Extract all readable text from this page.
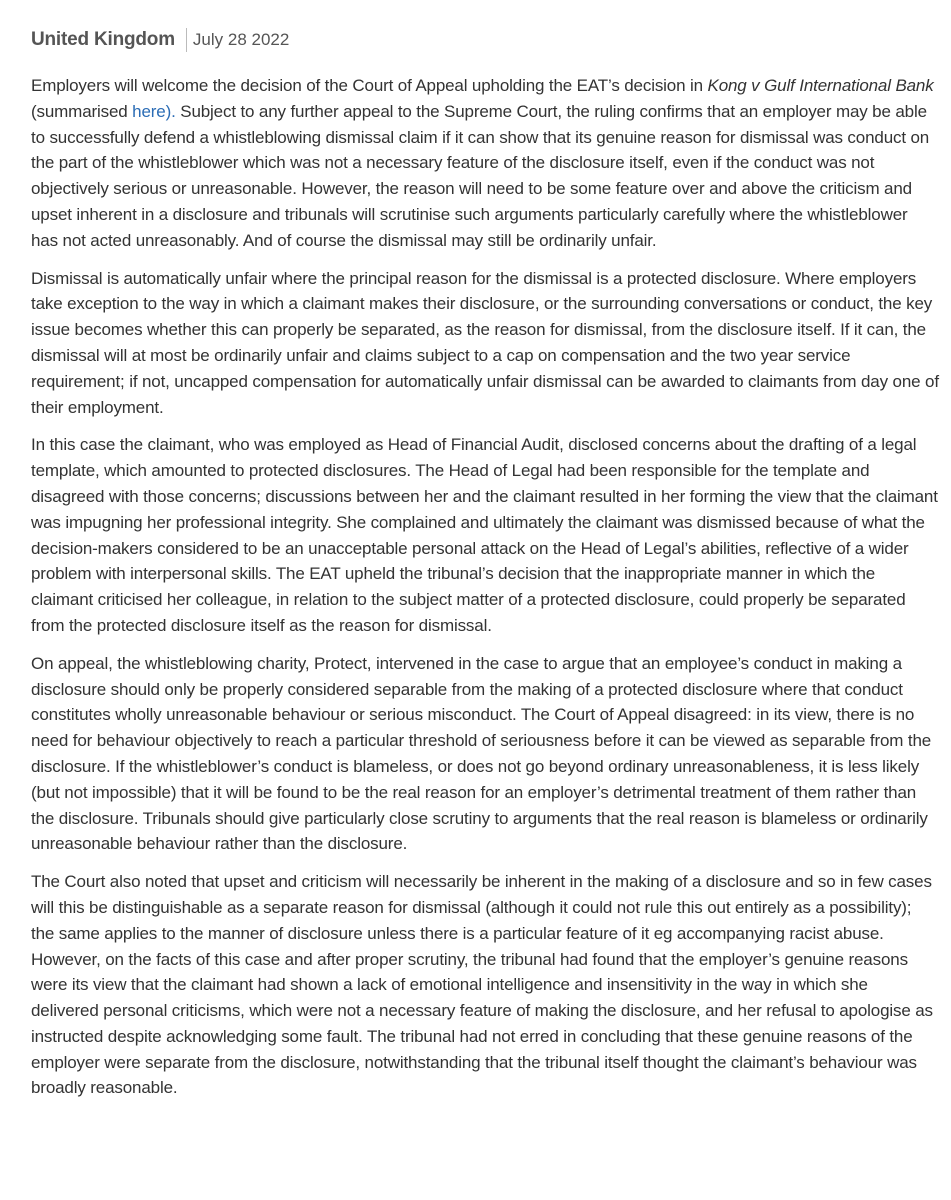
United Kingdom July 28 2022

Employers will welcome the decision of the Court of Appeal upholding the EAT’s decision in Kong v Gulf International Bank (summarised here). Subject to any further appeal to the Supreme Court, the ruling confirms that an employer may be able to successfully defend a whistleblowing dismissal claim if it can show that its genuine reason for dismissal was conduct on the part of the whistleblower which was not a necessary feature of the disclosure itself, even if the conduct was not objectively serious or unreasonable. However, the reason will need to be some feature over and above the criticism and upset inherent in a disclosure and tribunals will scrutinise such arguments particularly carefully where the whistleblower has not acted unreasonably. And of course the dismissal may still be ordinarily unfair.

Dismissal is automatically unfair where the principal reason for the dismissal is a protected disclosure. Where employers take exception to the way in which a claimant makes their disclosure, or the surrounding conversations or conduct, the key issue becomes whether this can properly be separated, as the reason for dismissal, from the disclosure itself. If it can, the dismissal will at most be ordinarily unfair and claims subject to a cap on compensation and the two year service requirement; if not, uncapped compensation for automatically unfair dismissal can be awarded to claimants from day one of their employment.

In this case the claimant, who was employed as Head of Financial Audit, disclosed concerns about the drafting of a legal template, which amounted to protected disclosures. The Head of Legal had been responsible for the template and disagreed with those concerns; discussions between her and the claimant resulted in her forming the view that the claimant was impugning her professional integrity. She complained and ultimately the claimant was dismissed because of what the decision-makers considered to be an unacceptable personal attack on the Head of Legal’s abilities, reflective of a wider problem with interpersonal skills. The EAT upheld the tribunal’s decision that the inappropriate manner in which the claimant criticised her colleague, in relation to the subject matter of a protected disclosure, could properly be separated from the protected disclosure itself as the reason for dismissal.

On appeal, the whistleblowing charity, Protect, intervened in the case to argue that an employee’s conduct in making a disclosure should only be properly considered separable from the making of a protected disclosure where that conduct constitutes wholly unreasonable behaviour or serious misconduct. The Court of Appeal disagreed: in its view, there is no need for behaviour objectively to reach a particular threshold of seriousness before it can be viewed as separable from the disclosure. If the whistleblower’s conduct is blameless, or does not go beyond ordinary unreasonableness, it is less likely (but not impossible) that it will be found to be the real reason for an employer’s detrimental treatment of them rather than the disclosure. Tribunals should give particularly close scrutiny to arguments that the real reason is blameless or ordinarily unreasonable behaviour rather than the disclosure.

The Court also noted that upset and criticism will necessarily be inherent in the making of a disclosure and so in few cases will this be distinguishable as a separate reason for dismissal (although it could not rule this out entirely as a possibility); the same applies to the manner of disclosure unless there is a particular feature of it eg accompanying racist abuse. However, on the facts of this case and after proper scrutiny, the tribunal had found that the employer’s genuine reasons were its view that the claimant had shown a lack of emotional intelligence and insensitivity in the way in which she delivered personal criticisms, which were not a necessary feature of making the disclosure, and her refusal to apologise as instructed despite acknowledging some fault. The tribunal had not erred in concluding that these genuine reasons of the employer were separate from the disclosure, notwithstanding that the tribunal itself thought the claimant’s behaviour was broadly reasonable.
